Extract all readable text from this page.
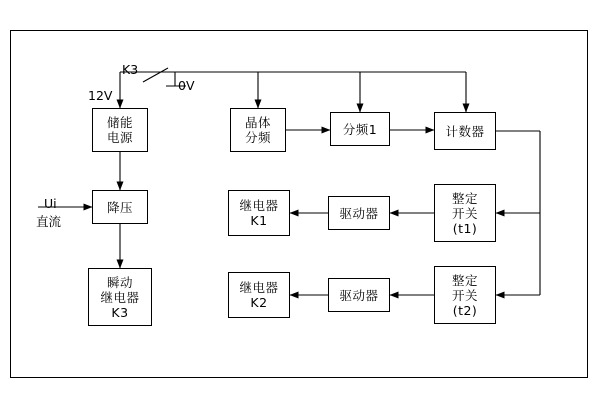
储能
电源
降压
瞬动
继电器
K3
晶体
分频
分频1	计数器
继电器
K1	驱动器
整定
开关
(t1)
继电器
K2	驱动器
整定
开关
(t2)
K3
0V
12V
Ui
直流
